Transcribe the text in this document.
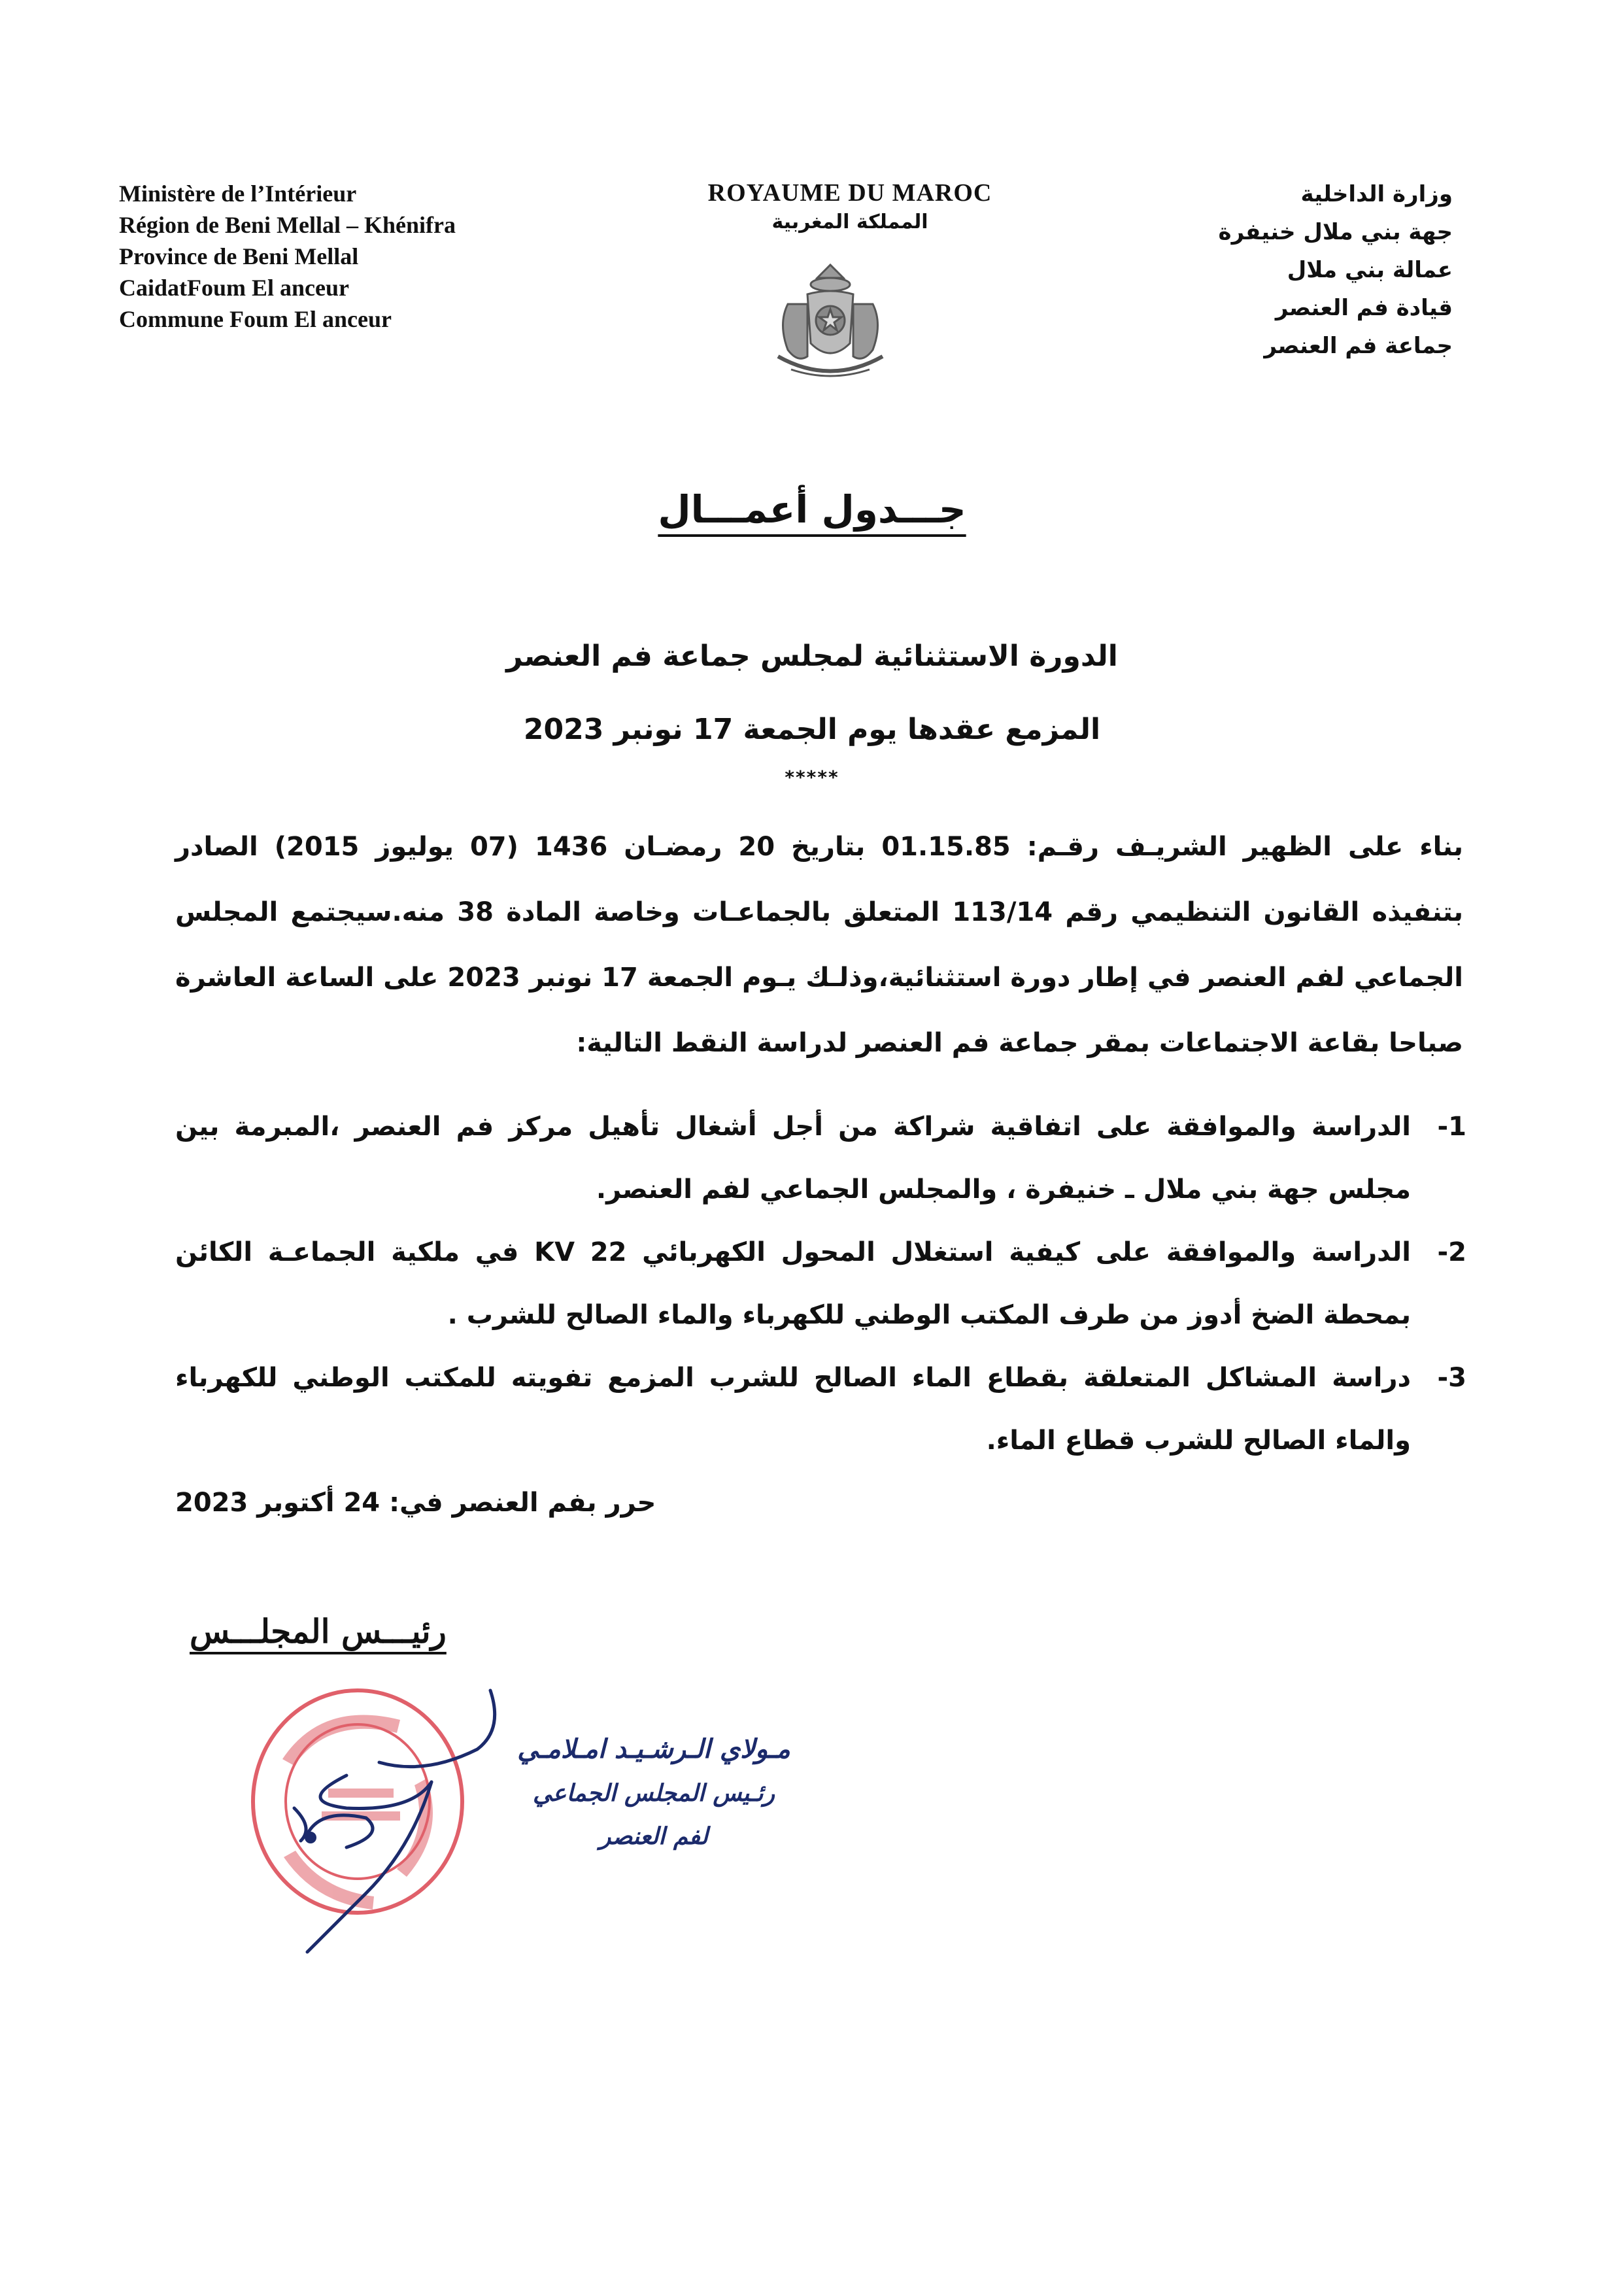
Ministère de l’Intérieur
Région de Beni Mellal – Khénifra
Province de Beni Mellal
CaidatFoum El anceur
Commune Foum El anceur
ROYAUME DU MAROC
المملكة المغربية
وزارة الداخلية
جهة بني ملال خنيفرة
عمالة بني ملال
قيادة فم العنصر
جماعة فم العنصر
جـــدول أعمـــال
الدورة الاستثنائية لمجلس جماعة فم العنصر
المزمع عقدها يوم الجمعة 17 نونبر 2023
*****
بناء على الظهير الشريـف رقـم: 01.15.85 بتاريخ 20 رمضـان 1436 (07 يوليوز 2015) الصادر بتنفيذه القانون التنظيمي رقم 113/14 المتعلق بالجماعـات وخاصة المادة 38 منه.سيجتمع المجلس الجماعي لفم العنصر في إطار دورة استثنائية،وذلـك يـوم الجمعة 17 نونبر 2023 على الساعة العاشرة صباحا بقاعة الاجتماعات بمقر جماعة فم العنصر لدراسة النقط التالية:
1-
الدراسة والموافقة على اتفاقية شراكة من أجل أشغال تأهيل مركز فم العنصر ،المبرمة بين مجلس جهة بني ملال ـ خنيفرة ، والمجلس الجماعي لفم العنصر.
2-
الدراسة والموافقة على كيفية استغلال المحول الكهربائي 22 KV في ملكية الجماعـة الكائن بمحطة الضخ أدوز من طرف المكتب الوطني للكهرباء والماء الصالح للشرب .
3-
دراسة المشاكل المتعلقة بقطاع الماء الصالح للشرب المزمع تفويته للمكتب الوطني للكهرباء والماء الصالح للشرب قطاع الماء.
حرر بفم العنصر في: 24 أكتوبر 2023
رئيـــس المجلـــس
مـولاي الـرشـيـد امـلامـي
رئـيس المجلس الجماعي
لفم العنصر
